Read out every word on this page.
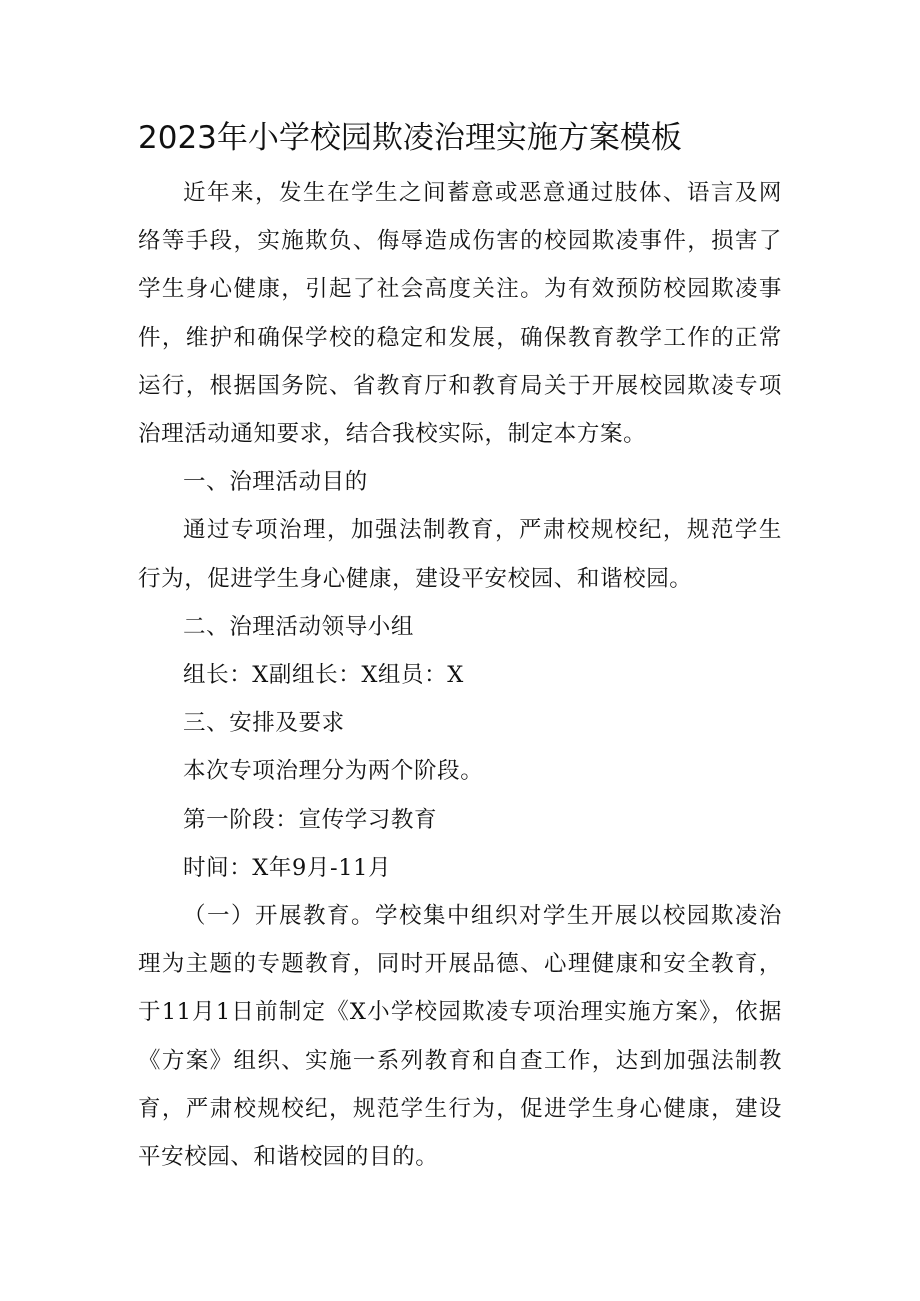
2023年小学校园欺凌治理实施方案模板

近年来，发生在学生之间蓄意或恶意通过肢体、语言及网络等手段，实施欺负、侮辱造成伤害的校园欺凌事件，损害了学生身心健康，引起了社会高度关注。为有效预防校园欺凌事件，维护和确保学校的稳定和发展，确保教育教学工作的正常运行，根据国务院、省教育厅和教育局关于开展校园欺凌专项治理活动通知要求，结合我校实际，制定本方案。

一、治理活动目的

通过专项治理，加强法制教育，严肃校规校纪，规范学生行为，促进学生身心健康，建设平安校园、和谐校园。

二、治理活动领导小组

组长：X副组长：X组员：X

三、安排及要求

本次专项治理分为两个阶段。

第一阶段：宣传学习教育

时间：X年9月-11月

（一）开展教育。学校集中组织对学生开展以校园欺凌治理为主题的专题教育，同时开展品德、心理健康和安全教育，于11月1日前制定《X小学校园欺凌专项治理实施方案》，依据《方案》组织、实施一系列教育和自查工作，达到加强法制教育，严肃校规校纪，规范学生行为，促进学生身心健康，建设平安校园、和谐校园的目的。
